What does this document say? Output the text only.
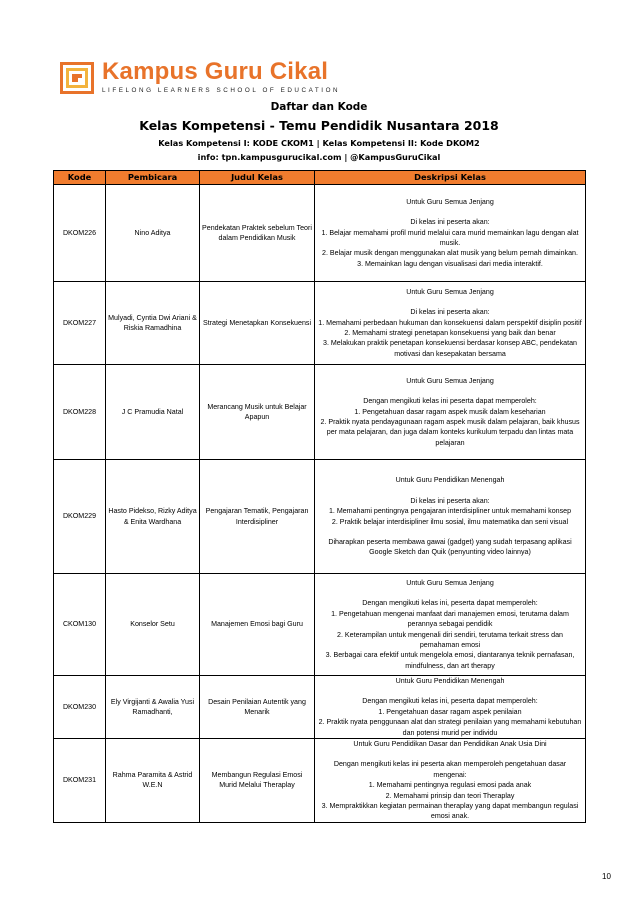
Kampus Guru Cikal
LIFELONG LEARNERS SCHOOL OF EDUCATION
Daftar dan Kode
Kelas Kompetensi - Temu Pendidik Nusantara 2018
Kelas Kompetensi I: KODE CKOM1 | Kelas Kompetensi II: Kode DKOM2
info: tpn.kampusgurucikal.com | @KampusGuruCikal
Kode	Pembicara	Judul Kelas	Deskripsi Kelas
DKOM226	Nino Aditya	Pendekatan Praktek sebelum Teori dalam Pendidikan Musik	Untuk Guru Semua Jenjang
Di kelas ini peserta akan:
1. Belajar memahami profil murid melalui cara murid memainkan lagu dengan alat musik.
2. Belajar musik dengan menggunakan alat musik yang belum pernah dimainkan.
3. Memainkan lagu dengan visualisasi dari media interaktif.

DKOM227	Mulyadi, Cyntia Dwi Ariani & Riskia Ramadhina	Strategi Menetapkan Konsekuensi	Untuk Guru Semua Jenjang
Di kelas ini peserta akan:
1. Memahami perbedaan hukuman dan konsekuensi dalam perspektif disiplin positif
2. Memahami strategi penetapan konsekuensi yang baik dan benar
3. Melakukan praktik penetapan konsekuensi berdasar konsep ABC, pendekatan motivasi dan kesepakatan bersama

DKOM228	J C Pramudia Natal	Merancang Musik untuk Belajar Apapun	Untuk Guru Semua Jenjang
Dengan mengikuti kelas ini peserta dapat memperoleh:
1. Pengetahuan dasar ragam aspek musik dalam keseharian
2. Praktik nyata pendayagunaan ragam aspek musik dalam pelajaran, baik khusus per mata pelajaran, dan juga dalam konteks kurikulum terpadu dan lintas mata pelajaran

DKOM229	Hasto Pidekso, Rizky Aditya & Enita Wardhana	Pengajaran Tematik, Pengajaran Interdisipliner	Untuk Guru Pendidikan Menengah
Di kelas ini peserta akan:
1. Memahami pentingnya pengajaran interdisipliner untuk memahami konsep
2. Praktik belajar interdisipliner ilmu sosial, ilmu matematika dan seni visual
Diharapkan peserta membawa gawai (gadget) yang sudah terpasang aplikasi Google Sketch dan Quik (penyunting video lainnya)

CKOM130	Konselor Setu	Manajemen Emosi bagi Guru	Untuk Guru Semua Jenjang
Dengan mengikuti kelas ini, peserta dapat memperoleh:
1. Pengetahuan mengenai manfaat dari manajemen emosi, terutama dalam perannya sebagai pendidik
2. Keterampilan untuk mengenali diri sendiri, terutama terkait stress dan pemahaman emosi
3. Berbagai cara efektif untuk mengelola emosi, diantaranya teknik pernafasan, mindfulness, dan art therapy

DKOM230	Ely Virgijanti & Awalia Yusi Ramadhanti,	Desain Penilaian Autentik yang Menarik	Untuk Guru Pendidikan Menengah
Dengan mengikuti kelas ini, peserta dapat memperoleh:
1. Pengetahuan dasar ragam aspek penilaian
2. Praktik nyata penggunaan alat dan strategi penilaian yang memahami kebutuhan dan potensi murid per individu

DKOM231	Rahma Paramita & Astrid W.E.N	Membangun Regulasi Emosi Murid Melalui Theraplay	Untuk Guru Pendidikan Dasar dan Pendidikan Anak Usia Dini
Dengan mengikuti kelas ini peserta akan memperoleh pengetahuan dasar mengenai:
1. Memahami pentingnya regulasi emosi pada anak
2. Memahami prinsip dan teori Theraplay
3. Mempraktikkan kegiatan permainan theraplay yang dapat membangun regulasi emosi anak.
10
